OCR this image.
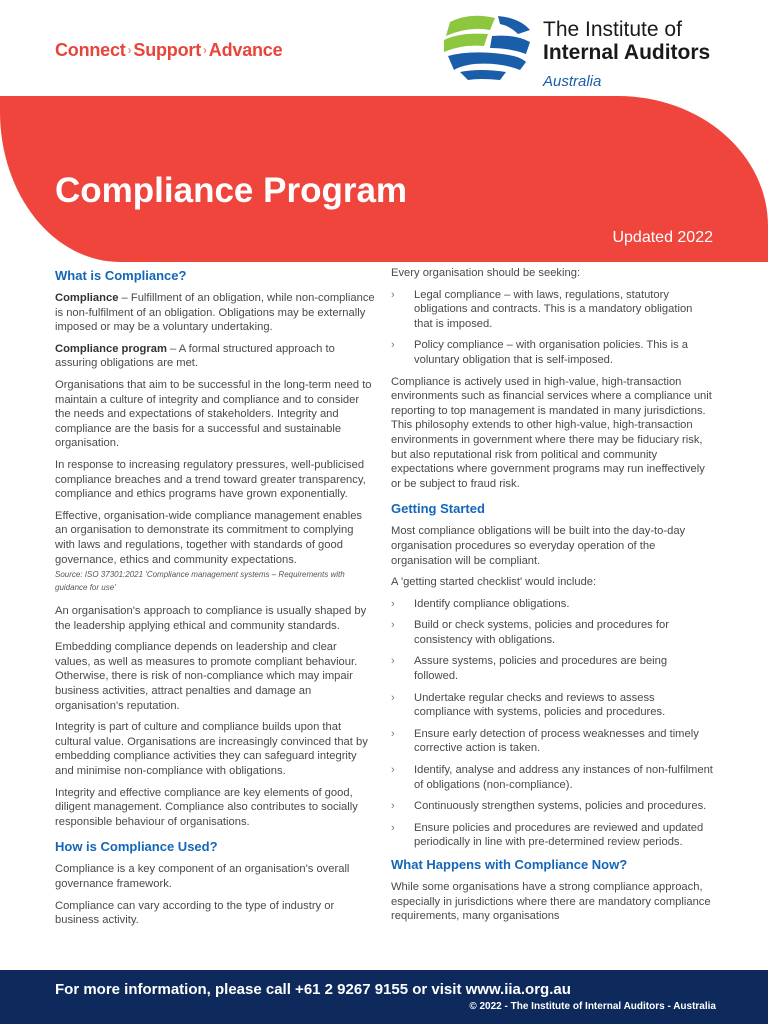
Connect › Support › Advance
The Institute of
Internal Auditors
Australia
Compliance Program
Updated 2022
What is Compliance?

Compliance – Fulfillment of an obligation, while non-compliance is non-fulfilment of an obligation. Obligations may be externally imposed or may be a voluntary undertaking.

Compliance program – A formal structured approach to assuring obligations are met.

Organisations that aim to be successful in the long-term need to maintain a culture of integrity and compliance and to consider the needs and expectations of stakeholders. Integrity and compliance are the basis for a successful and sustainable organisation.

In response to increasing regulatory pressures, well-publicised compliance breaches and a trend toward greater transparency, compliance and ethics programs have grown exponentially.

Effective, organisation-wide compliance management enables an organisation to demonstrate its commitment to complying with laws and regulations, together with standards of good governance, ethics and community expectations.

Source: ISO 37301:2021 'Compliance management systems – Requirements with guidance for use'

An organisation's approach to compliance is usually shaped by the leadership applying ethical and community standards.

Embedding compliance depends on leadership and clear values, as well as measures to promote compliant behaviour. Otherwise, there is risk of non-compliance which may impair business activities, attract penalties and damage an organisation's reputation.

Integrity is part of culture and compliance builds upon that cultural value. Organisations are increasingly convinced that by embedding compliance activities they can safeguard integrity and minimise non-compliance with obligations.

Integrity and effective compliance are key elements of good, diligent management. Compliance also contributes to socially responsible behaviour of organisations.

How is Compliance Used?

Compliance is a key component of an organisation's overall governance framework.

Compliance can vary according to the type of industry or business activity.

Every organisation should be seeking:

› Legal compliance – with laws, regulations, statutory obligations and contracts. This is a mandatory obligation that is imposed.
› Policy compliance – with organisation policies. This is a voluntary obligation that is self-imposed.

Compliance is actively used in high-value, high-transaction environments such as financial services where a compliance unit reporting to top management is mandated in many jurisdictions. This philosophy extends to other high-value, high-transaction environments in government where there may be fiduciary risk, but also reputational risk from political and community expectations where government programs may run ineffectively or be subject to fraud risk.

Getting Started

Most compliance obligations will be built into the day-to-day organisation procedures so everyday operation of the organisation will be compliant.

A 'getting started checklist' would include:

› Identify compliance obligations.
› Build or check systems, policies and procedures for consistency with obligations.
› Assure systems, policies and procedures are being followed.
› Undertake regular checks and reviews to assess compliance with systems, policies and procedures.
› Ensure early detection of process weaknesses and timely corrective action is taken.
› Identify, analyse and address any instances of non-fulfilment of obligations (non-compliance).
› Continuously strengthen systems, policies and procedures.
› Ensure policies and procedures are reviewed and updated periodically in line with pre-determined review periods.
What Happens with Compliance Now?

While some organisations have a strong compliance approach, especially in jurisdictions where there are mandatory compliance requirements, many organisations

For more information, please call +61 2 9267 9155 or visit www.iia.org.au
© 2022 - The Institute of Internal Auditors - Australia
